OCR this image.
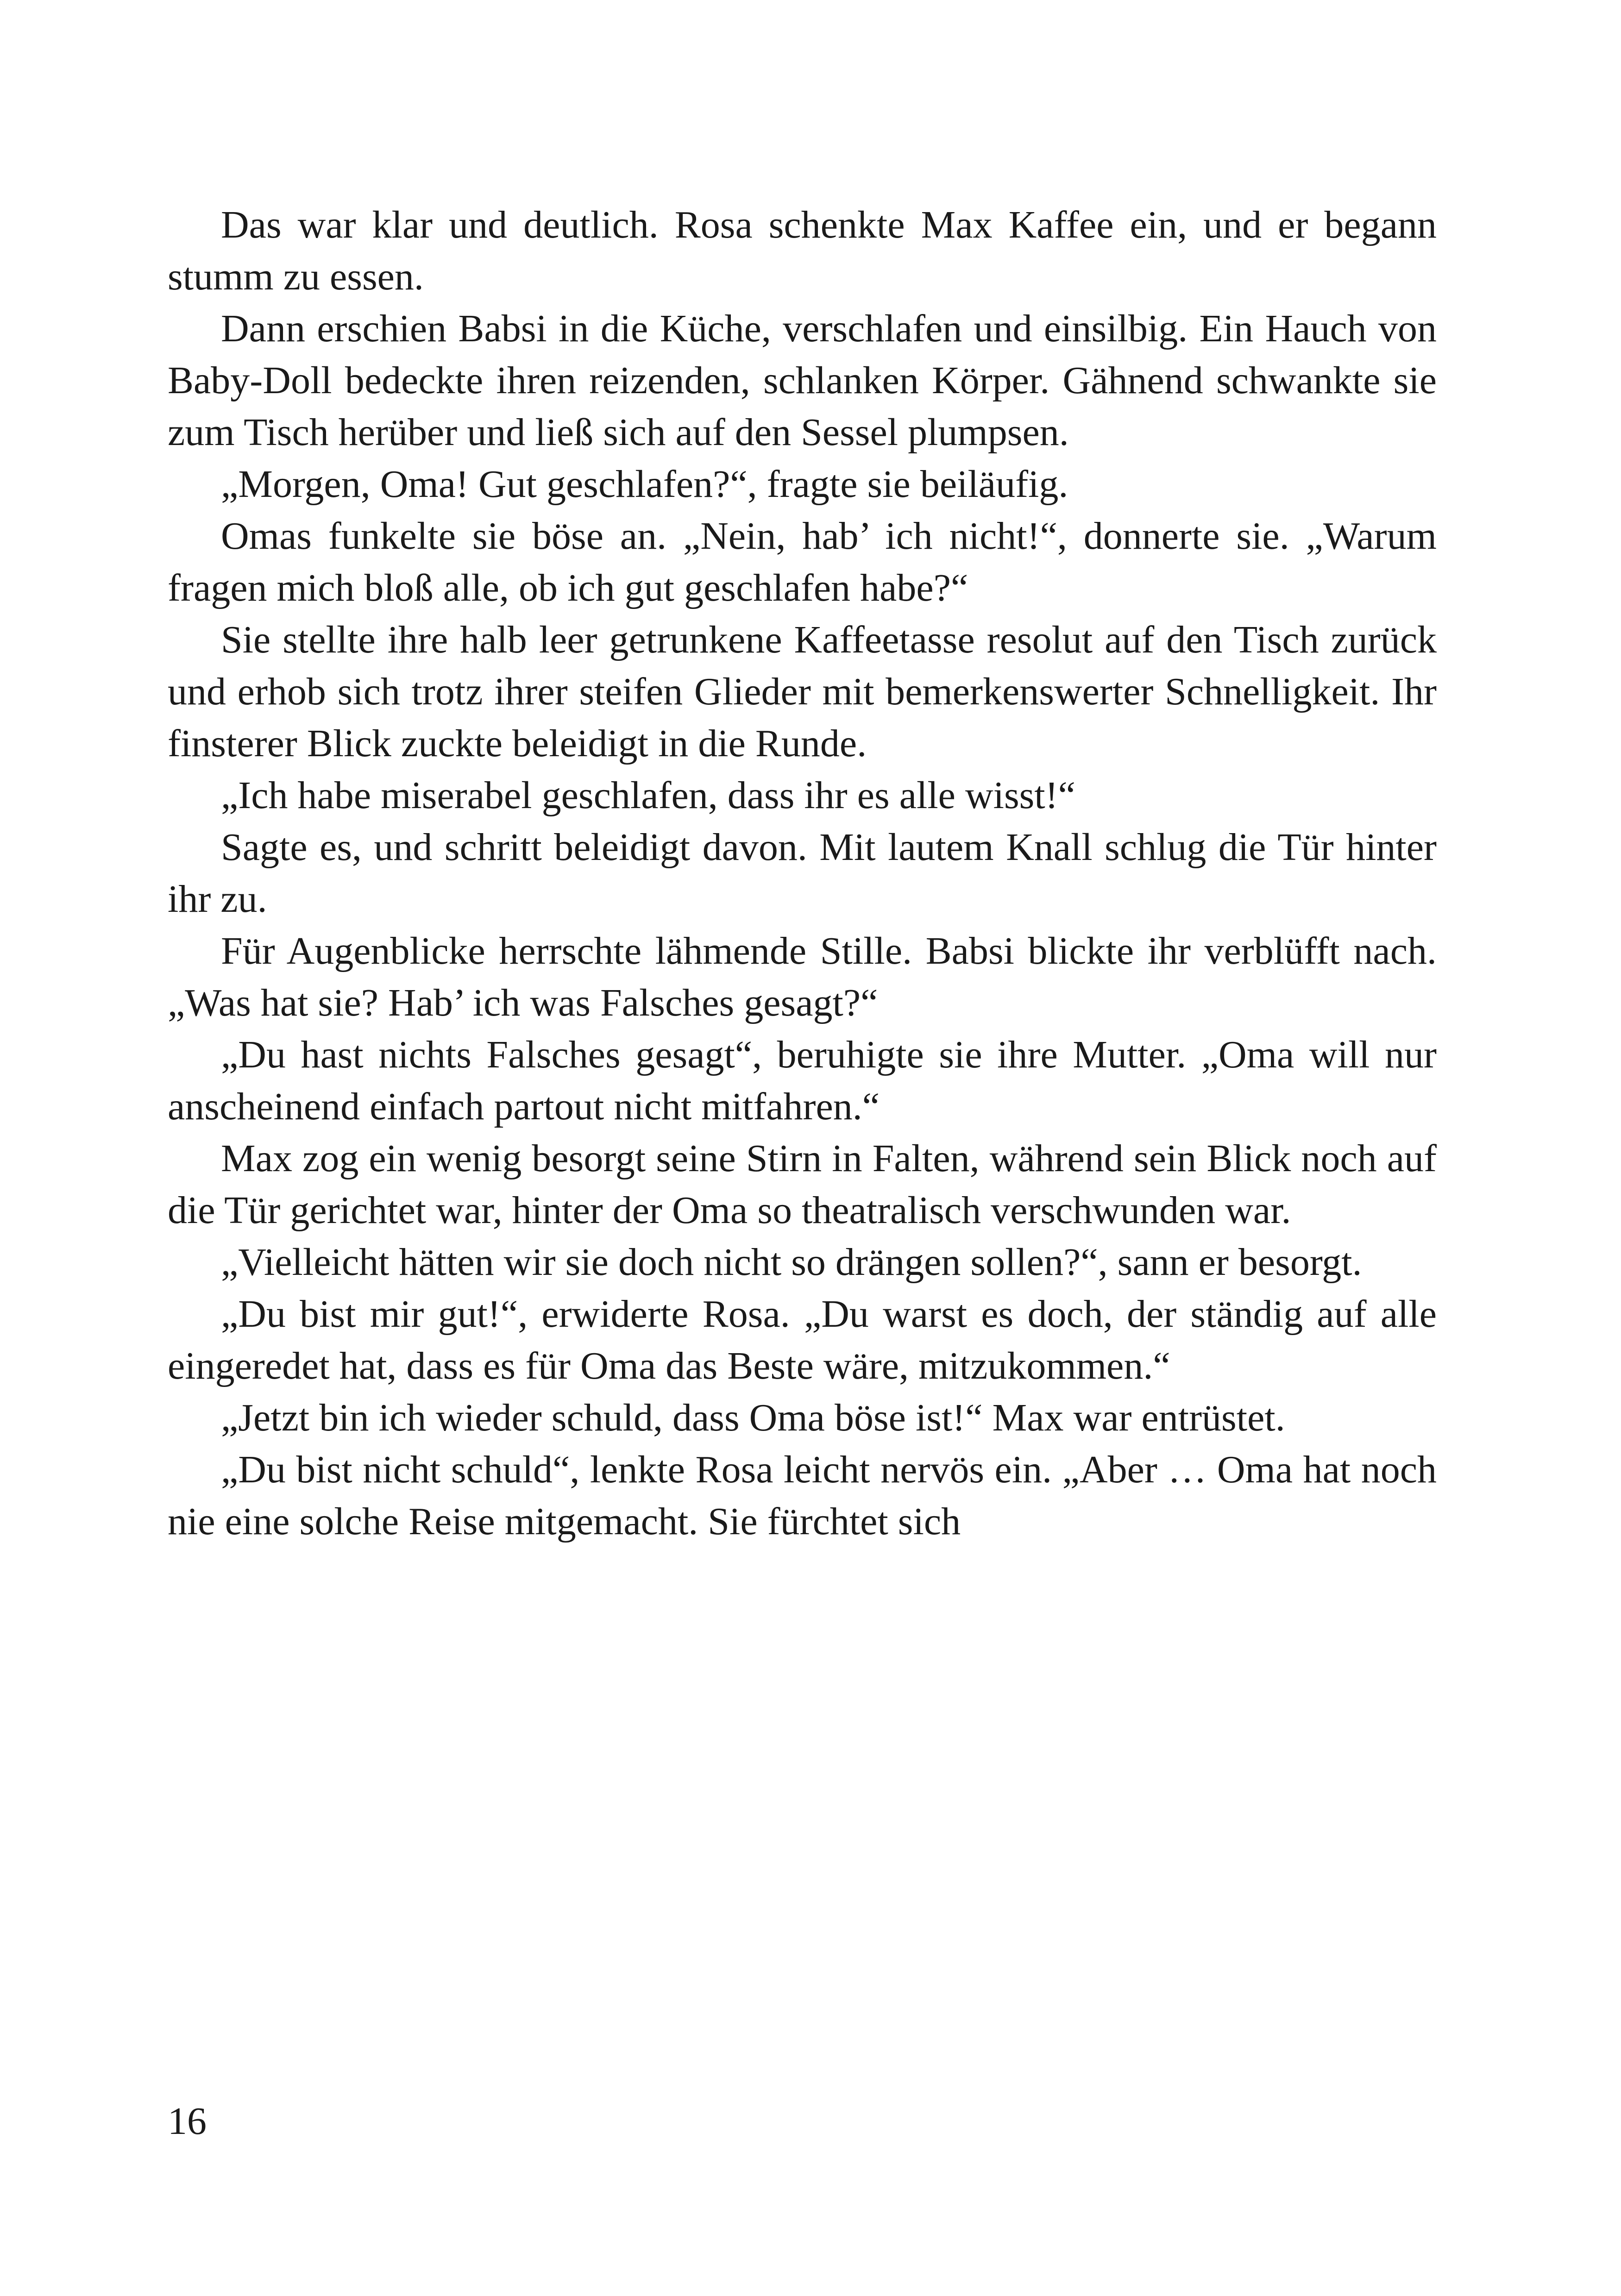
Das war klar und deutlich. Rosa schenkte Max Kaffee ein, und er begann stumm zu essen.

Dann erschien Babsi in die Küche, verschlafen und einsilbig. Ein Hauch von Baby-Doll bedeckte ihren reizenden, schlanken Körper. Gähnend schwankte sie zum Tisch herüber und ließ sich auf den Sessel plumpsen.

„Morgen, Oma! Gut geschlafen?“, fragte sie beiläufig.

Omas funkelte sie böse an. „Nein, hab’ ich nicht!“, donnerte sie. „Warum fragen mich bloß alle, ob ich gut geschlafen habe?“

Sie stellte ihre halb leer getrunkene Kaffeetasse resolut auf den Tisch zurück und erhob sich trotz ihrer steifen Glieder mit bemerkenswerter Schnelligkeit. Ihr finsterer Blick zuckte beleidigt in die Runde.

„Ich habe miserabel geschlafen, dass ihr es alle wisst!“

Sagte es, und schritt beleidigt davon. Mit lautem Knall schlug die Tür hinter ihr zu.

Für Augenblicke herrschte lähmende Stille. Babsi blickte ihr verblüfft nach. „Was hat sie? Hab’ ich was Falsches gesagt?“

„Du hast nichts Falsches gesagt“, beruhigte sie ihre Mutter. „Oma will nur anscheinend einfach partout nicht mitfahren.“

Max zog ein wenig besorgt seine Stirn in Falten, während sein Blick noch auf die Tür gerichtet war, hinter der Oma so theatralisch verschwunden war.

„Vielleicht hätten wir sie doch nicht so drängen sollen?“, sann er besorgt.

„Du bist mir gut!“, erwiderte Rosa. „Du warst es doch, der ständig auf alle eingeredet hat, dass es für Oma das Beste wäre, mitzukommen.“

„Jetzt bin ich wieder schuld, dass Oma böse ist!“ Max war entrüstet.

„Du bist nicht schuld“, lenkte Rosa leicht nervös ein. „Aber … Oma hat noch nie eine solche Reise mitgemacht. Sie fürchtet sich

16
